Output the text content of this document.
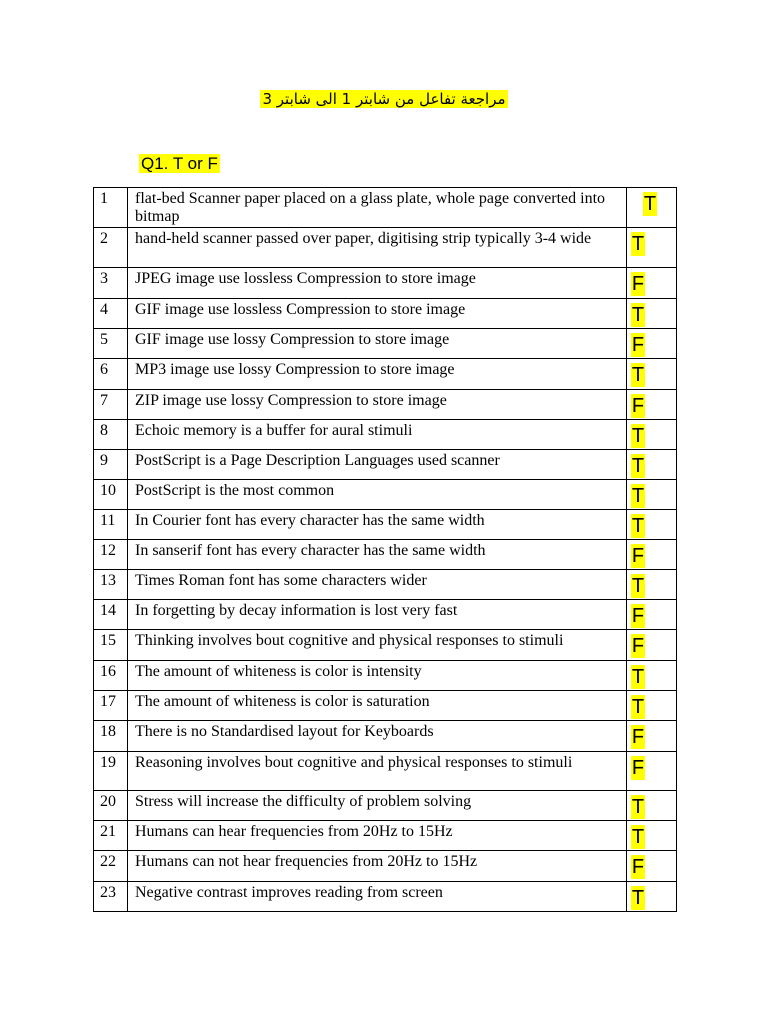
مراجعة تفاعل من شابتر 1 الى شابتر 3
Q1. T or F
1	flat-bed Scanner paper placed on a glass plate, whole page converted into bitmap	T
2	hand-held scanner passed over paper, digitising strip typically 3-4 wide	T
3	JPEG image use lossless Compression to store image	F
4	GIF image use lossless Compression to store image	T
5	GIF image use lossy Compression to store image	F
6	MP3 image use lossy Compression to store image	T
7	ZIP image use lossy Compression to store image	F
8	Echoic memory is a buffer for aural stimuli	T
9	PostScript is a Page Description Languages used scanner	T
10	PostScript is the most common	T
11	In Courier font has every character has the same width	T
12	In sanserif font has every character has the same width	F
13	Times Roman font has some characters wider	T
14	In forgetting by decay information is lost very fast	F
15	Thinking involves bout cognitive and physical responses to stimuli	F
16	The amount of whiteness is color is intensity	T
17	The amount of whiteness is color is saturation	T
18	There is no Standardised layout for Keyboards	F
19	Reasoning involves bout cognitive and physical responses to stimuli	F
20	Stress will increase the difficulty of problem solving	T
21	Humans can hear frequencies from 20Hz to 15Hz	T
22	Humans can not hear frequencies from 20Hz to 15Hz	F
23	Negative contrast improves reading from screen	T
